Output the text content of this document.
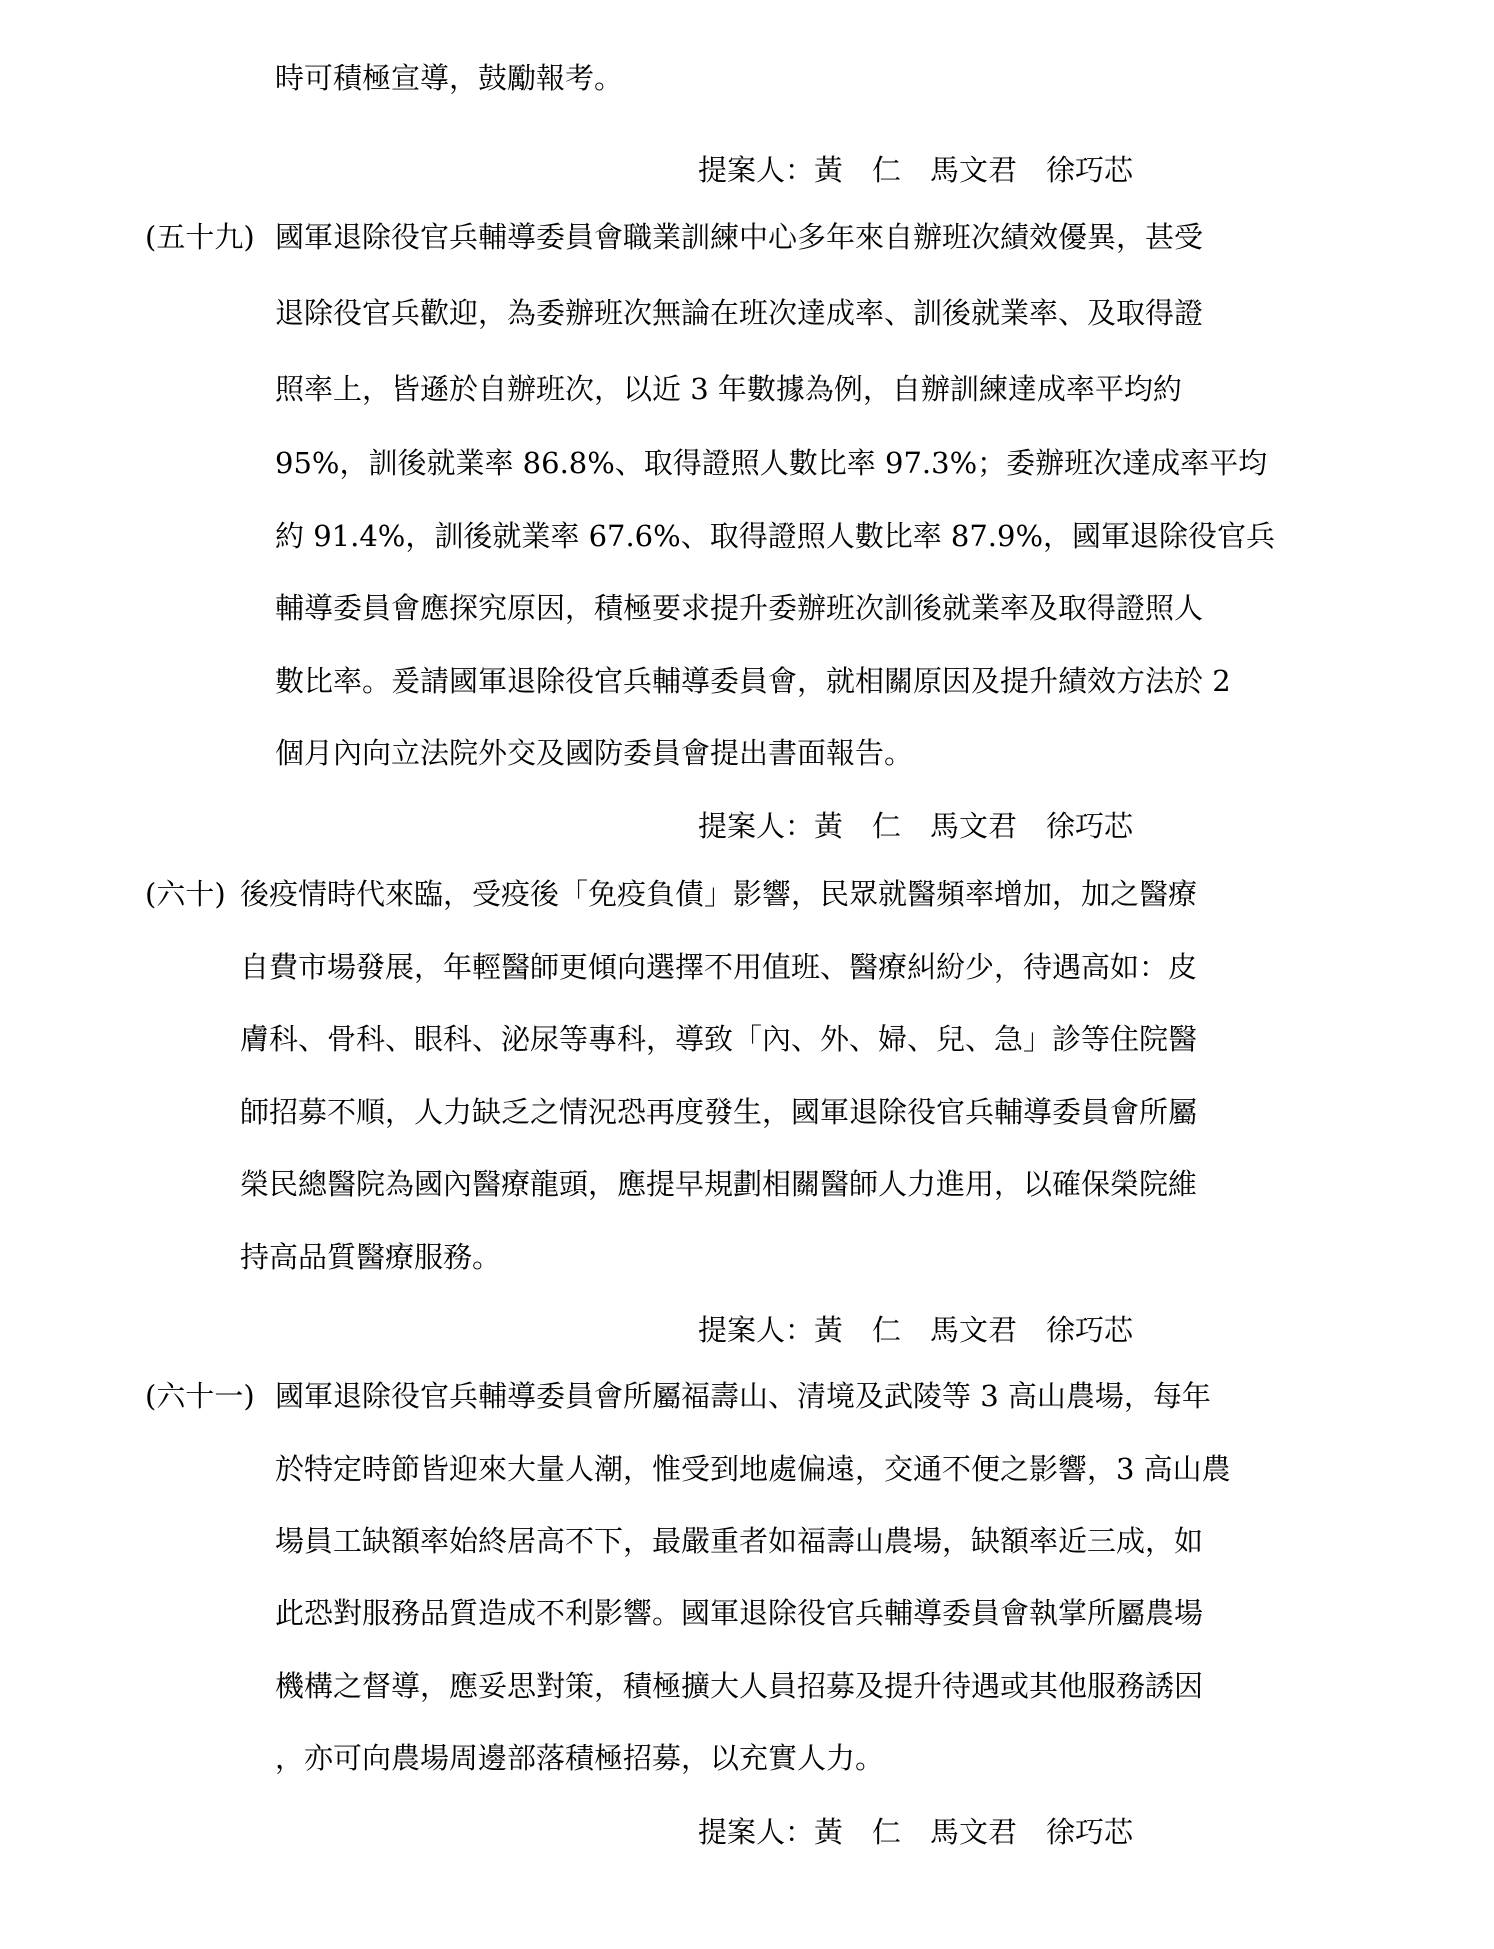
時可積極宣導，鼓勵報考。
提案人：黃　仁　馬文君　徐巧芯
(五十九) 國軍退除役官兵輔導委員會職業訓練中心多年來自辦班次績效優異，甚受
退除役官兵歡迎，為委辦班次無論在班次達成率、訓後就業率、及取得證
照率上，皆遜於自辦班次，以近 3 年數據為例，自辦訓練達成率平均約
95%，訓後就業率 86.8%、取得證照人數比率 97.3%；委辦班次達成率平均
約 91.4%，訓後就業率 67.6%、取得證照人數比率 87.9%，國軍退除役官兵
輔導委員會應探究原因，積極要求提升委辦班次訓後就業率及取得證照人
數比率。爰請國軍退除役官兵輔導委員會，就相關原因及提升績效方法於 2
個月內向立法院外交及國防委員會提出書面報告。
提案人：黃　仁　馬文君　徐巧芯
(六十) 後疫情時代來臨，受疫後「免疫負債」影響，民眾就醫頻率增加，加之醫療
自費市場發展，年輕醫師更傾向選擇不用值班、醫療糾紛少，待遇高如：皮
膚科、骨科、眼科、泌尿等專科，導致「內、外、婦、兒、急」診等住院醫
師招募不順，人力缺乏之情況恐再度發生，國軍退除役官兵輔導委員會所屬
榮民總醫院為國內醫療龍頭，應提早規劃相關醫師人力進用，以確保榮院維
持高品質醫療服務。
提案人：黃　仁　馬文君　徐巧芯
(六十一) 國軍退除役官兵輔導委員會所屬福壽山、清境及武陵等 3 高山農場，每年
於特定時節皆迎來大量人潮，惟受到地處偏遠，交通不便之影響，3 高山農
場員工缺額率始終居高不下，最嚴重者如福壽山農場，缺額率近三成，如
此恐對服務品質造成不利影響。國軍退除役官兵輔導委員會執掌所屬農場
機構之督導，應妥思對策，積極擴大人員招募及提升待遇或其他服務誘因
，亦可向農場周邊部落積極招募，以充實人力。
提案人：黃　仁　馬文君　徐巧芯
